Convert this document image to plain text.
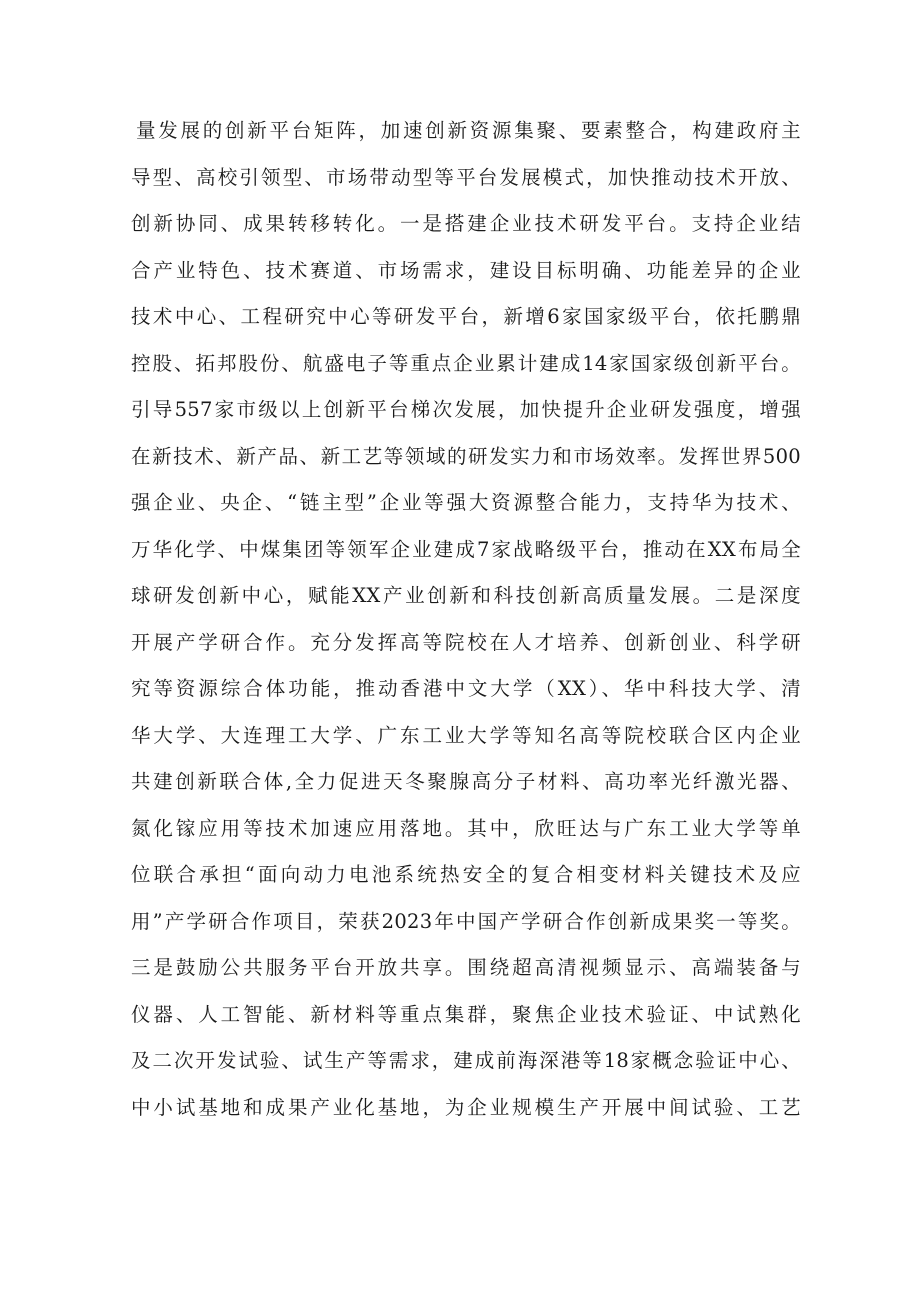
量发展的创新平台矩阵，加速创新资源集聚、要素整合，构建政府主
导型、高校引领型、市场带动型等平台发展模式，加快推动技术开放、
创新协同、成果转移转化。一是搭建企业技术研发平台。支持企业结
合产业特色、技术赛道、市场需求，建设目标明确、功能差异的企业
技术中心、工程研究中心等研发平台，新增6家国家级平台，依托鹏鼎
控股、拓邦股份、航盛电子等重点企业累计建成14家国家级创新平台。
引导557家市级以上创新平台梯次发展，加快提升企业研发强度，增强
在新技术、新产品、新工艺等领域的研发实力和市场效率。发挥世界500
强企业、央企、“链主型”企业等强大资源整合能力，支持华为技术、
万华化学、中煤集团等领军企业建成7家战略级平台，推动在XX布局全
球研发创新中心，赋能XX产业创新和科技创新高质量发展。二是深度
开展产学研合作。充分发挥高等院校在人才培养、创新创业、科学研
究等资源综合体功能，推动香港中文大学（XX）、华中科技大学、清
华大学、大连理工大学、广东工业大学等知名高等院校联合区内企业
共建创新联合体,全力促进天冬聚腺高分子材料、高功率光纤激光器、
氮化镓应用等技术加速应用落地。其中，欣旺达与广东工业大学等单
位联合承担“面向动力电池系统热安全的复合相变材料关键技术及应
用”产学研合作项目，荣获2023年中国产学研合作创新成果奖一等奖。
三是鼓励公共服务平台开放共享。围绕超高清视频显示、高端装备与
仪器、人工智能、新材料等重点集群，聚焦企业技术验证、中试熟化
及二次开发试验、试生产等需求，建成前海深港等18家概念验证中心、
中小试基地和成果产业化基地，为企业规模生产开展中间试验、工艺
